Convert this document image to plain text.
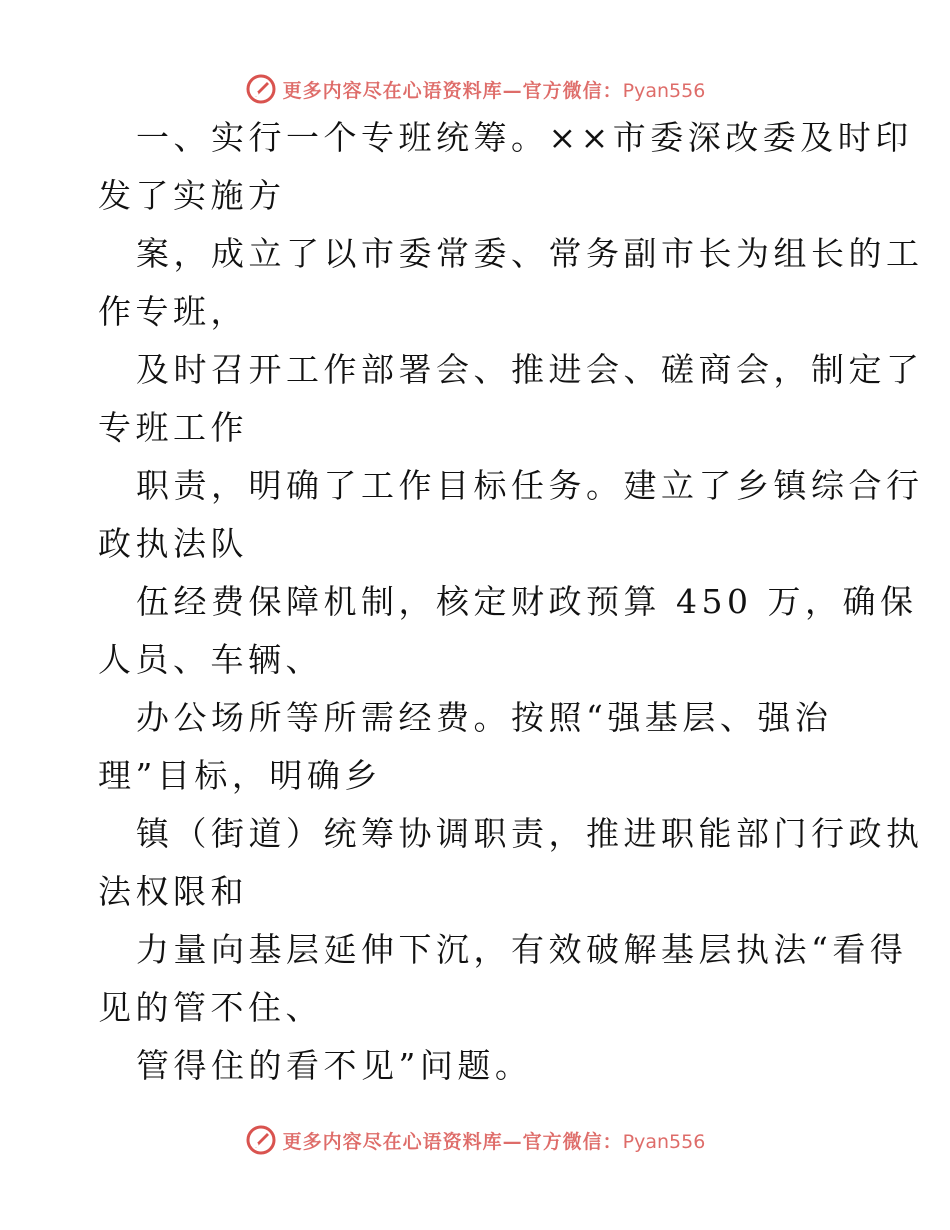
更多内容尽在心语资料库—官方微信：Pyan556
一、实行一个专班统筹。××市委深改委及时印
发了实施方
案，成立了以市委常委、常务副市长为组长的工
作专班，
及时召开工作部署会、推进会、磋商会，制定了
专班工作
职责，明确了工作目标任务。建立了乡镇综合行
政执法队
伍经费保障机制，核定财政预算 450 万，确保
人员、车辆、
办公场所等所需经费。按照“强基层、强治
理”目标，明确乡
镇（街道）统筹协调职责，推进职能部门行政执
法权限和
力量向基层延伸下沉，有效破解基层执法“看得
见的管不住、
管得住的看不见”问题。
更多内容尽在心语资料库—官方微信：Pyan556
